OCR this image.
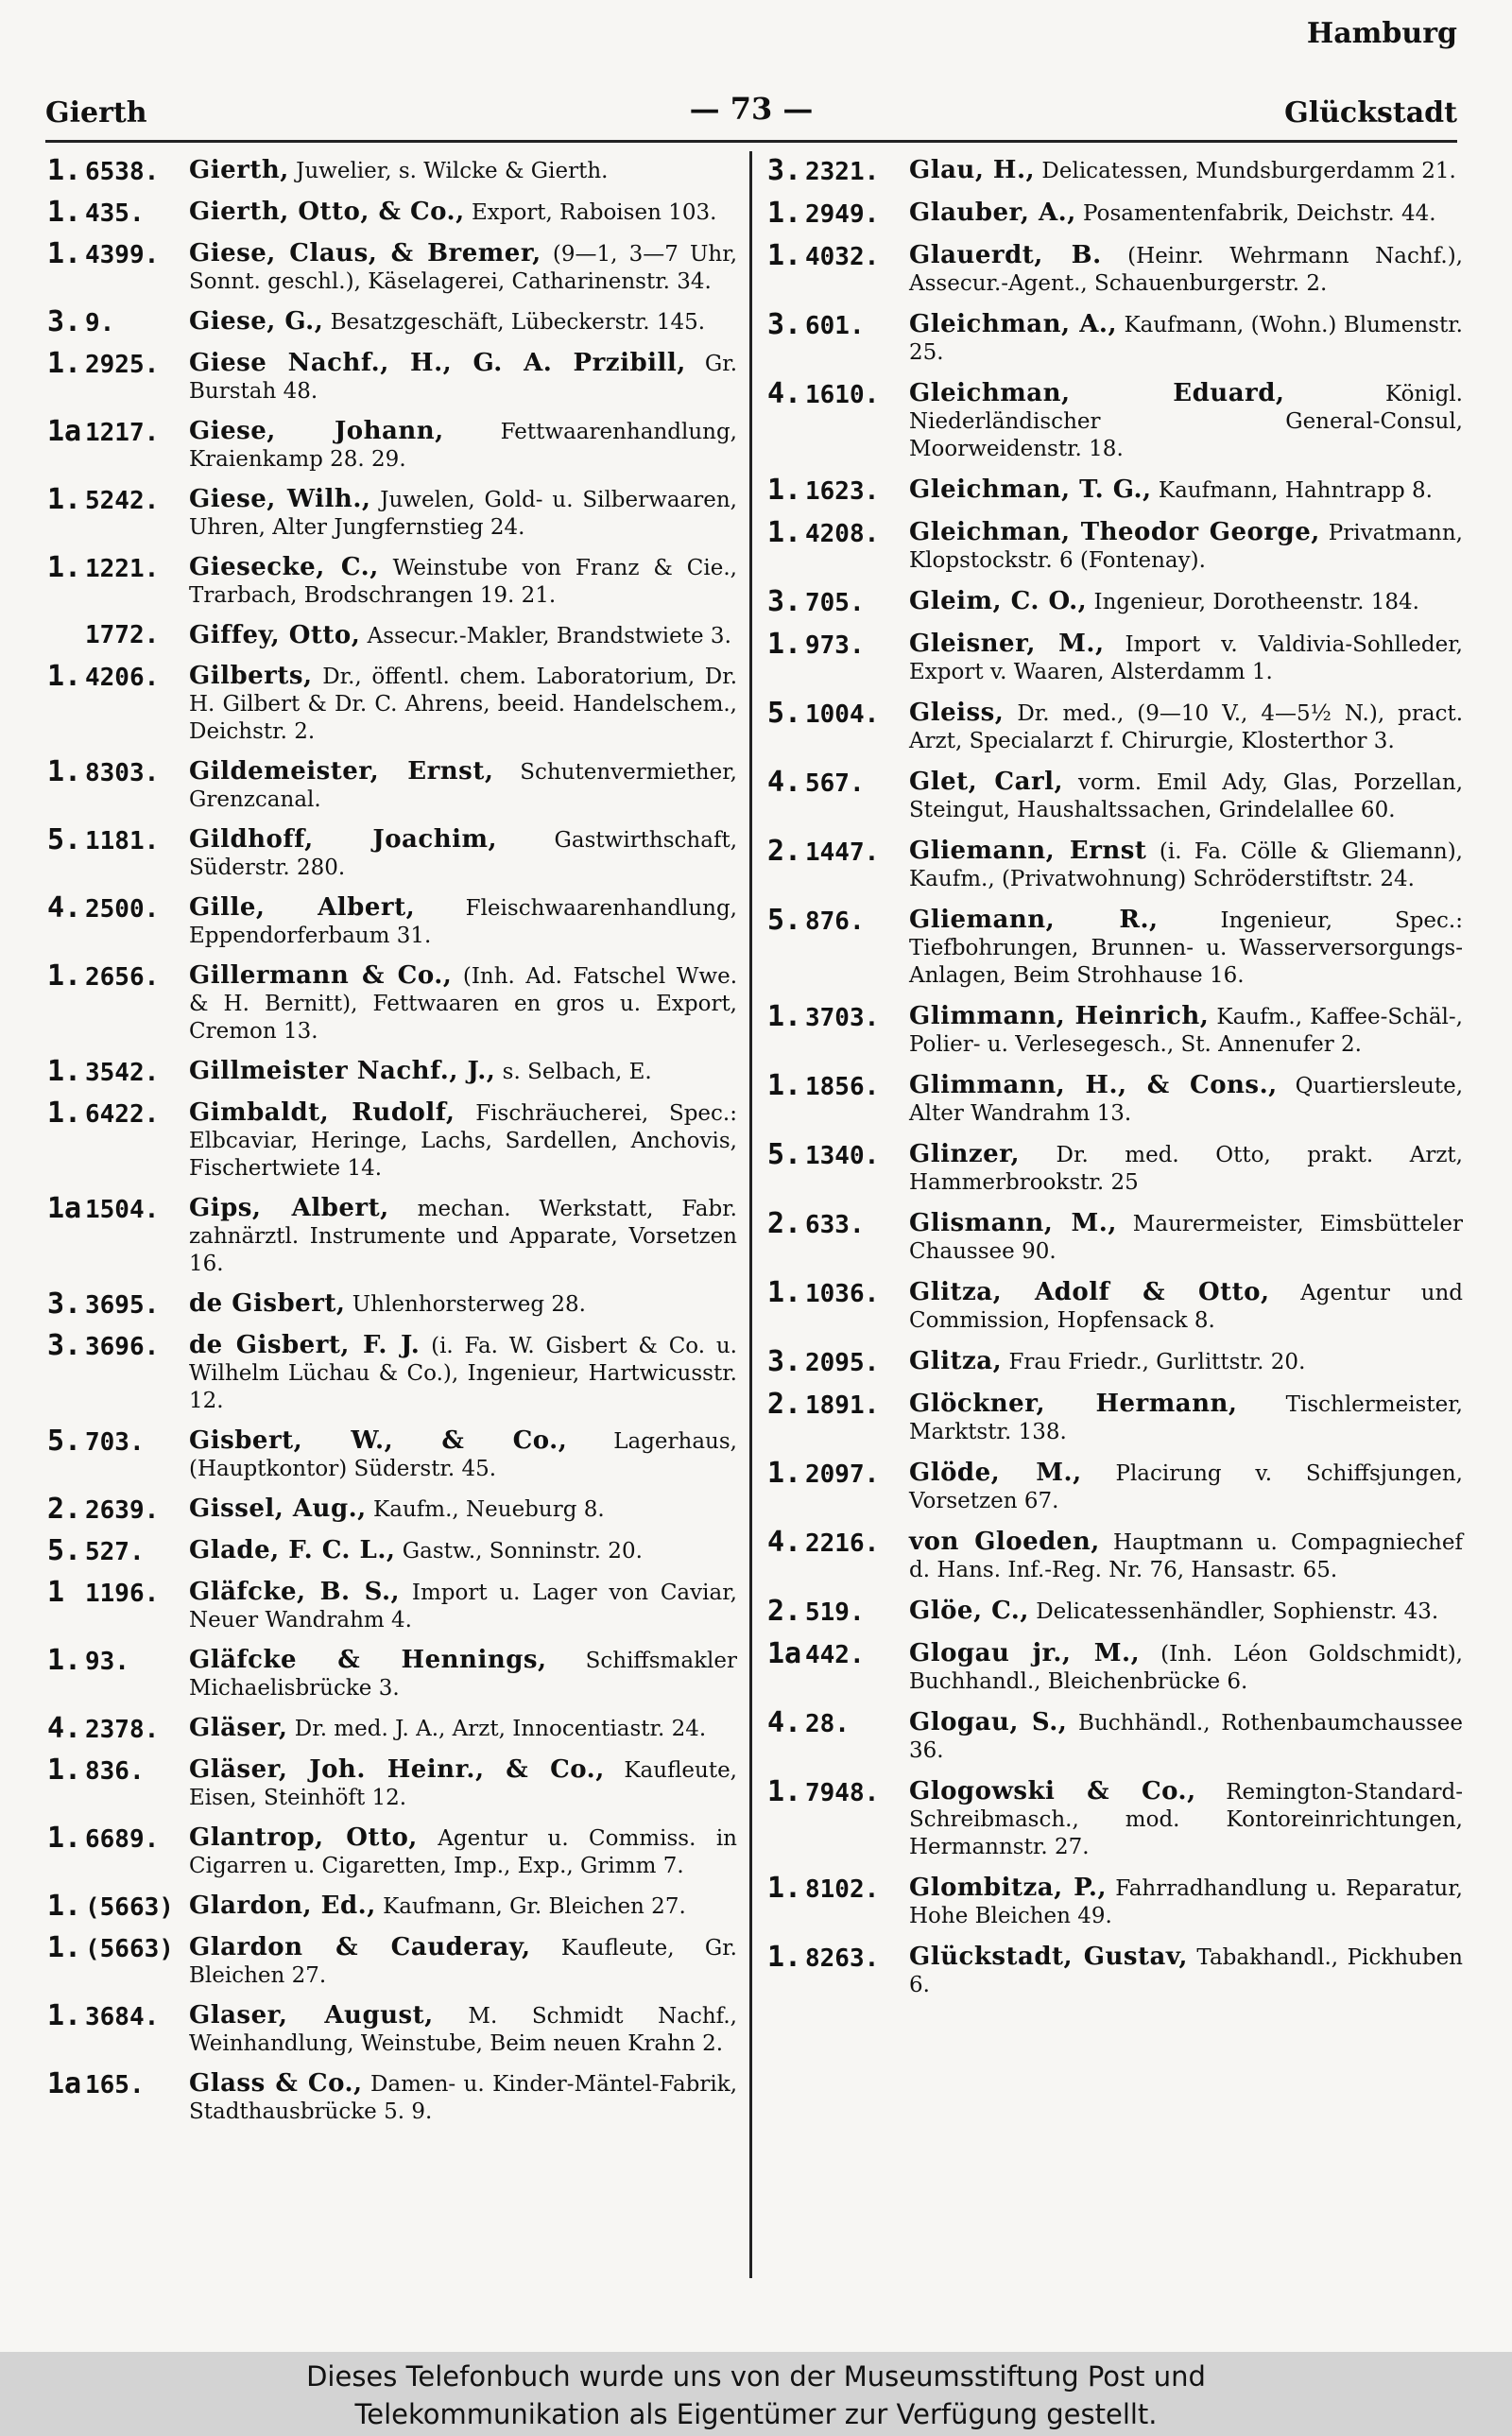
Hamburg
Gierth	— 73 —	Glückstadt
1. 6538.	Gierth, Juwelier, s. Wilcke & Gierth.
1. 435.	Gierth, Otto, & Co., Export, Raboisen 103.
1. 4399.	Giese, Claus, & Bremer, (9—1, 3—7 Uhr, Sonnt. geschl.), Käselagerei, Catharinenstr. 34.
3. 9.	Giese, G., Besatzgeschäft, Lübeckerstr. 145.
1. 2925.	Giese Nachf., H., G. A. Przibill, Gr. Burstah 48.
1a 1217.	Giese, Johann, Fettwaarenhandlung, Kraienkamp 28. 29.
1. 5242.	Giese, Wilh., Juwelen, Gold- u. Silberwaaren, Uhren, Alter Jungfernstieg 24.
1. 1221.	Giesecke, C., Weinstube von Franz & Cie., Trarbach, Brodschrangen 19. 21.
1772.	Giffey, Otto, Assecur.-Makler, Brandstwiete 3.
1. 4206.	Gilberts, Dr., öffentl. chem. Laboratorium, Dr. H. Gilbert & Dr. C. Ahrens, beeid. Handelschem., Deichstr. 2.
1. 8303.	Gildemeister, Ernst, Schutenvermiether, Grenzcanal.
5. 1181.	Gildhoff, Joachim, Gastwirthschaft, Süderstr. 280.
4. 2500.	Gille, Albert, Fleischwaarenhandlung, Eppendorferbaum 31.
1. 2656.	Gillermann & Co., (Inh. Ad. Fatschel Wwe. & H. Bernitt), Fettwaaren en gros u. Export, Cremon 13.
1. 3542.	Gillmeister Nachf., J., s. Selbach, E.
1. 6422.	Gimbaldt, Rudolf, Fischräucherei, Spec.: Elbcaviar, Heringe, Lachs, Sardellen, Anchovis, Fischertwiete 14.
1a 1504.	Gips, Albert, mechan. Werkstatt, Fabr. zahnärztl. Instrumente und Apparate, Vorsetzen 16.
3. 3695.	de Gisbert, Uhlenhorsterweg 28.
3. 3696.	de Gisbert, F. J. (i. Fa. W. Gisbert & Co. u. Wilhelm Lüchau & Co.), Ingenieur, Hartwicusstr. 12.
5. 703.	Gisbert, W., & Co., Lagerhaus, (Hauptkontor) Süderstr. 45.
2. 2639.	Gissel, Aug., Kaufm., Neueburg 8.
5. 527.	Glade, F. C. L., Gastw., Sonninstr. 20.
1 1196.	Gläfcke, B. S., Import u. Lager von Caviar, Neuer Wandrahm 4.
1. 93.	Gläfcke & Hennings, Schiffsmakler Michaelisbrücke 3.
4. 2378.	Gläser, Dr. med. J. A., Arzt, Innocentiastr. 24.
1. 836.	Gläser, Joh. Heinr., & Co., Kaufleute, Eisen, Steinhöft 12.
1. 6689.	Glantrop, Otto, Agentur u. Commiss. in Cigarren u. Cigaretten, Imp., Exp., Grimm 7.
1. (5663) Glardon, Ed., Kaufmann, Gr. Bleichen 27.
1. (5663) Glardon & Cauderay, Kaufleute, Gr. Bleichen 27.
1. 3684.	Glaser, August, M. Schmidt Nachf., Weinhandlung, Weinstube, Beim neuen Krahn 2.
1a 165.	Glass & Co., Damen- u. Kinder-Mäntel-Fabrik, Stadthausbrücke 5. 9.
3. 2321.	Glau, H., Delicatessen, Mundsburgerdamm 21.
1. 2949.	Glauber, A., Posamentenfabrik, Deichstr. 44.
1. 4032.	Glauerdt, B. (Heinr. Wehrmann Nachf.), Assecur.-Agent., Schauenburgerstr. 2.
3. 601.	Gleichman, A., Kaufmann, (Wohn.) Blumenstr. 25.
4. 1610.	Gleichman, Eduard, Königl. Niederländischer General-Consul, Moorweidenstr. 18.
1. 1623.	Gleichman, T. G., Kaufmann, Hahntrapp 8.
1. 4208.	Gleichman, Theodor George, Privatmann, Klopstockstr. 6 (Fontenay).
3. 705.	Gleim, C. O., Ingenieur, Dorotheenstr. 184.
1. 973.	Gleisner, M., Import v. Valdivia-Sohlleder, Export v. Waaren, Alsterdamm 1.
5. 1004.	Gleiss, Dr. med., (9—10 V., 4—5½ N.), pract. Arzt, Specialarzt f. Chirurgie, Klosterthor 3.
4. 567.	Glet, Carl, vorm. Emil Ady, Glas, Porzellan, Steingut, Haushaltssachen, Grindelallee 60.
2. 1447.	Gliemann, Ernst (i. Fa. Cölle & Gliemann), Kaufm., (Privatwohnung) Schröderstiftstr. 24.
5. 876.	Gliemann, R., Ingenieur, Spec.: Tiefbohrungen, Brunnen- u. Wasserversorgungs-Anlagen, Beim Strohhause 16.
1. 3703.	Glimmann, Heinrich, Kaufm., Kaffee-Schäl-, Polier- u. Verlesegesch., St. Annenufer 2.
1. 1856.	Glimmann, H., & Cons., Quartiersleute, Alter Wandrahm 13.
5. 1340.	Glinzer, Dr. med. Otto, prakt. Arzt, Hammerbrookstr. 25
2. 633.	Glismann, M., Maurermeister, Eimsbütteler Chaussee 90.
1. 1036.	Glitza, Adolf & Otto, Agentur und Commission, Hopfensack 8.
3. 2095.	Glitza, Frau Friedr., Gurlittstr. 20.
2. 1891.	Glöckner, Hermann, Tischlermeister, Marktstr. 138.
1. 2097.	Glöde, M., Placirung v. Schiffsjungen, Vorsetzen 67.
4. 2216.	von Gloeden, Hauptmann u. Compagniechef d. Hans. Inf.-Reg. Nr. 76, Hansastr. 65.
2. 519.	Glöe, C., Delicatessenhändler, Sophienstr. 43.
1a 442.	Glogau jr., M., (Inh. Léon Goldschmidt), Buchhandl., Bleichenbrücke 6.
4. 28.	Glogau, S., Buchhändl., Rothenbaumchaussee 36.
1. 7948.	Glogowski & Co., Remington-Standard-Schreibmasch., mod. Kontoreinrichtungen, Hermannstr. 27.
1. 8102.	Glombitza, P., Fahrradhandlung u. Reparatur, Hohe Bleichen 49.
1. 8263.	Glückstadt, Gustav, Tabakhandl., Pickhuben 6.
Dieses Telefonbuch wurde uns von der Museumsstiftung Post und
Telekommunikation als Eigentümer zur Verfügung gestellt.
